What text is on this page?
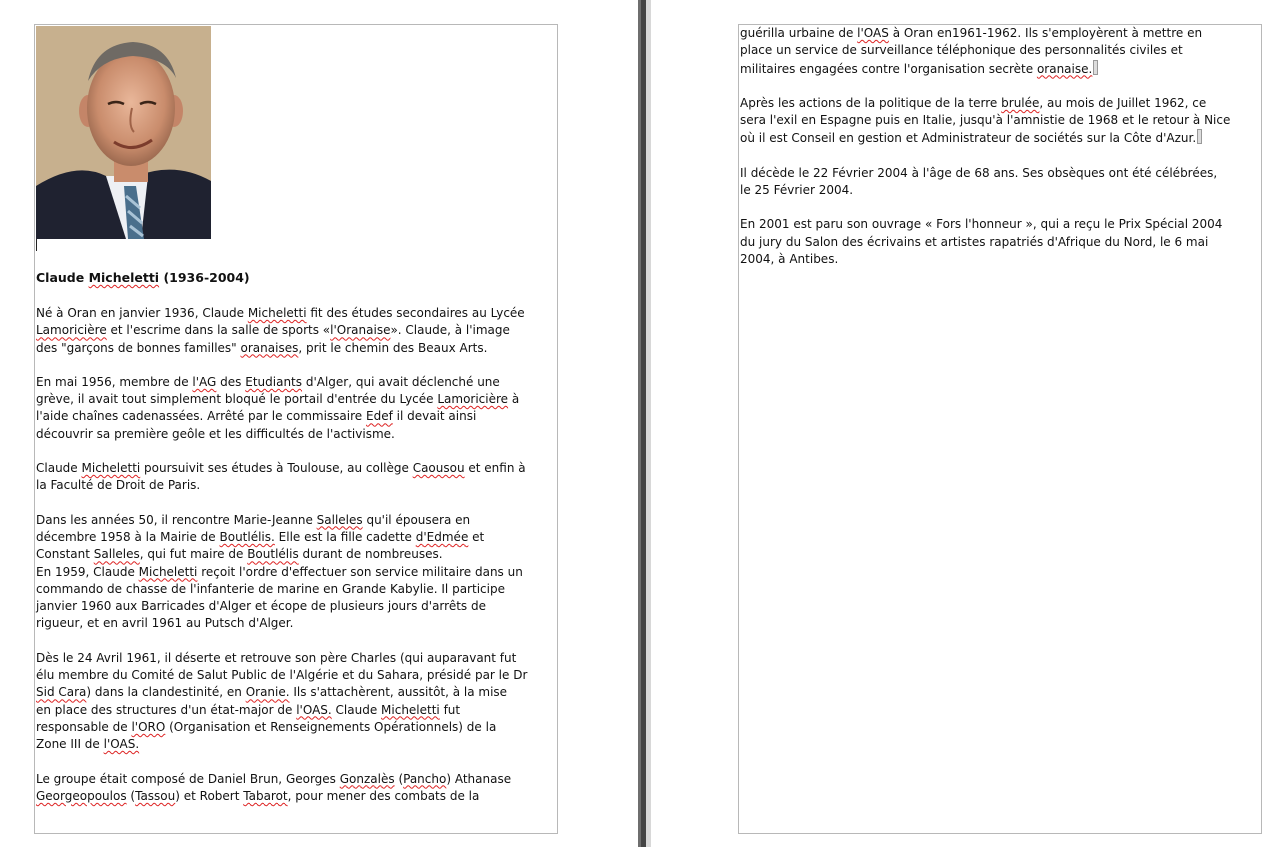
Claude Micheletti (1936-2004)
Né à Oran en janvier 1936, Claude Micheletti fit des études secondaires au Lycée
Lamoricière et l'escrime dans la salle de sports «l'Oranaise». Claude, à l'image
des "garçons de bonnes familles" oranaises, prit le chemin des Beaux Arts.
En mai 1956, membre de l'AG des Etudiants d'Alger, qui avait déclenché une
grève, il avait tout simplement bloqué le portail d'entrée du Lycée Lamoricière à
l'aide chaînes cadenassées. Arrêté par le commissaire Edef il devait ainsi
découvrir sa première geôle et les difficultés de l'activisme.
Claude Micheletti poursuivit ses études à Toulouse, au collège Caousou et enfin à
la Faculté de Droit de Paris.
Dans les années 50, il rencontre Marie-Jeanne Salleles qu'il épousera en
décembre 1958 à la Mairie de Boutlélis. Elle est la fille cadette d'Edmée et
Constant Salleles, qui fut maire de Boutlélis durant de nombreuses.
En 1959, Claude Micheletti reçoit l'ordre d'effectuer son service militaire dans un
commando de chasse de l'infanterie de marine en Grande Kabylie. Il participe
janvier 1960 aux Barricades d'Alger et écope de plusieurs jours d'arrêts de
rigueur, et en avril 1961 au Putsch d'Alger.
Dès le 24 Avril 1961, il déserte et retrouve son père Charles (qui auparavant fut
élu membre du Comité de Salut Public de l'Algérie et du Sahara, présidé par le Dr
Sid Cara) dans la clandestinité, en Oranie. Ils s'attachèrent, aussitôt, à la mise
en place des structures d'un état-major de l'OAS. Claude Micheletti fut
responsable de l'ORO (Organisation et Renseignements Opérationnels) de la
Zone III de l'OAS.
Le groupe était composé de Daniel Brun, Georges Gonzalès (Pancho) Athanase
Georgeopoulos (Tassou) et Robert Tabarot, pour mener des combats de la
guérilla urbaine de l'OAS à Oran en1961-1962. Ils s'employèrent à mettre en
place un service de surveillance téléphonique des personnalités civiles et
militaires engagées contre l'organisation secrète oranaise.
Après les actions de la politique de la terre brulée, au mois de Juillet 1962, ce
sera l'exil en Espagne puis en Italie, jusqu'à l'amnistie de 1968 et le retour à Nice
où il est Conseil en gestion et Administrateur de sociétés sur la Côte d'Azur.
Il décède le 22 Février 2004 à l'âge de 68 ans. Ses obsèques ont été célébrées,
le 25 Février 2004.
En 2001 est paru son ouvrage « Fors l'honneur », qui a reçu le Prix Spécial 2004
du jury du Salon des écrivains et artistes rapatriés d'Afrique du Nord, le 6 mai
2004, à Antibes.
